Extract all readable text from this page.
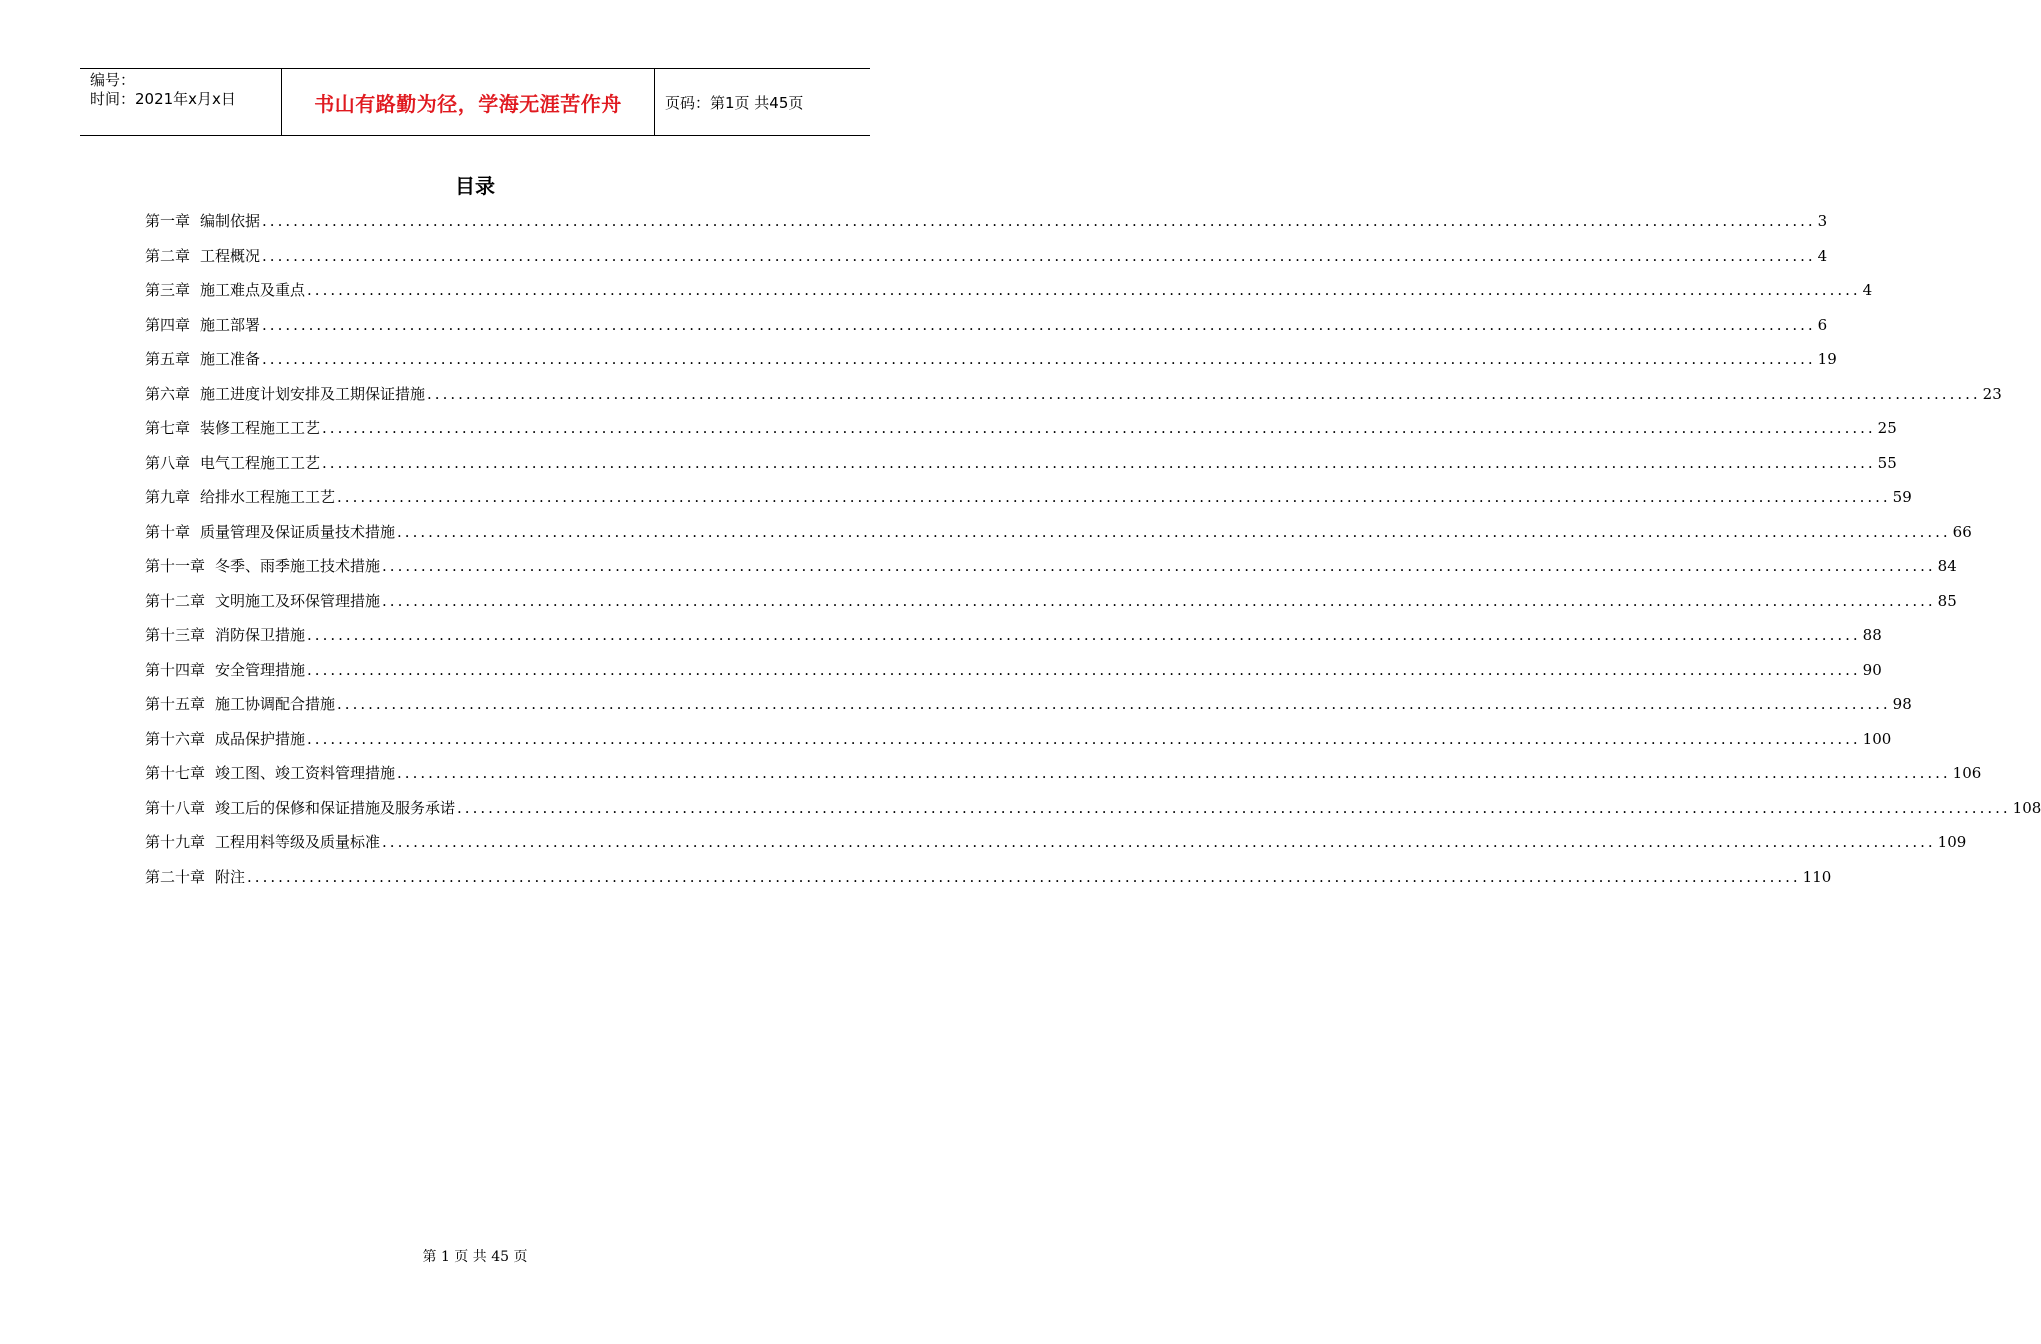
编号：
时间：2021年x月x日	书山有路勤为径，学海无涯苦作舟	页码：第1页 共45页
目录
第一章 编制依据 ........................................................................................................................................................................................................ 3
第二章 工程概况 ........................................................................................................................................................................................................ 4
第三章 施工难点及重点 ........................................................................................................................................................................................................ 4
第四章 施工部署 ........................................................................................................................................................................................................ 6
第五章 施工准备 ........................................................................................................................................................................................................ 19
第六章 施工进度计划安排及工期保证措施 ........................................................................................................................................................................................................ 23
第七章 装修工程施工工艺 ........................................................................................................................................................................................................ 25
第八章 电气工程施工工艺 ........................................................................................................................................................................................................ 55
第九章 给排水工程施工工艺 ........................................................................................................................................................................................................ 59
第十章 质量管理及保证质量技术措施 ........................................................................................................................................................................................................ 66
第十一章 冬季、雨季施工技术措施 ........................................................................................................................................................................................................ 84
第十二章 文明施工及环保管理措施 ........................................................................................................................................................................................................ 85
第十三章 消防保卫措施 ........................................................................................................................................................................................................ 88
第十四章 安全管理措施 ........................................................................................................................................................................................................ 90
第十五章 施工协调配合措施 ........................................................................................................................................................................................................ 98
第十六章 成品保护措施 ........................................................................................................................................................................................................ 100
第十七章 竣工图、竣工资料管理措施 ........................................................................................................................................................................................................ 106
第十八章 竣工后的保修和保证措施及服务承诺 ........................................................................................................................................................................................................ 108
第十九章 工程用料等级及质量标准 ........................................................................................................................................................................................................ 109
第二十章 附注 ........................................................................................................................................................................................................ 110
第 1 页 共 45 页
